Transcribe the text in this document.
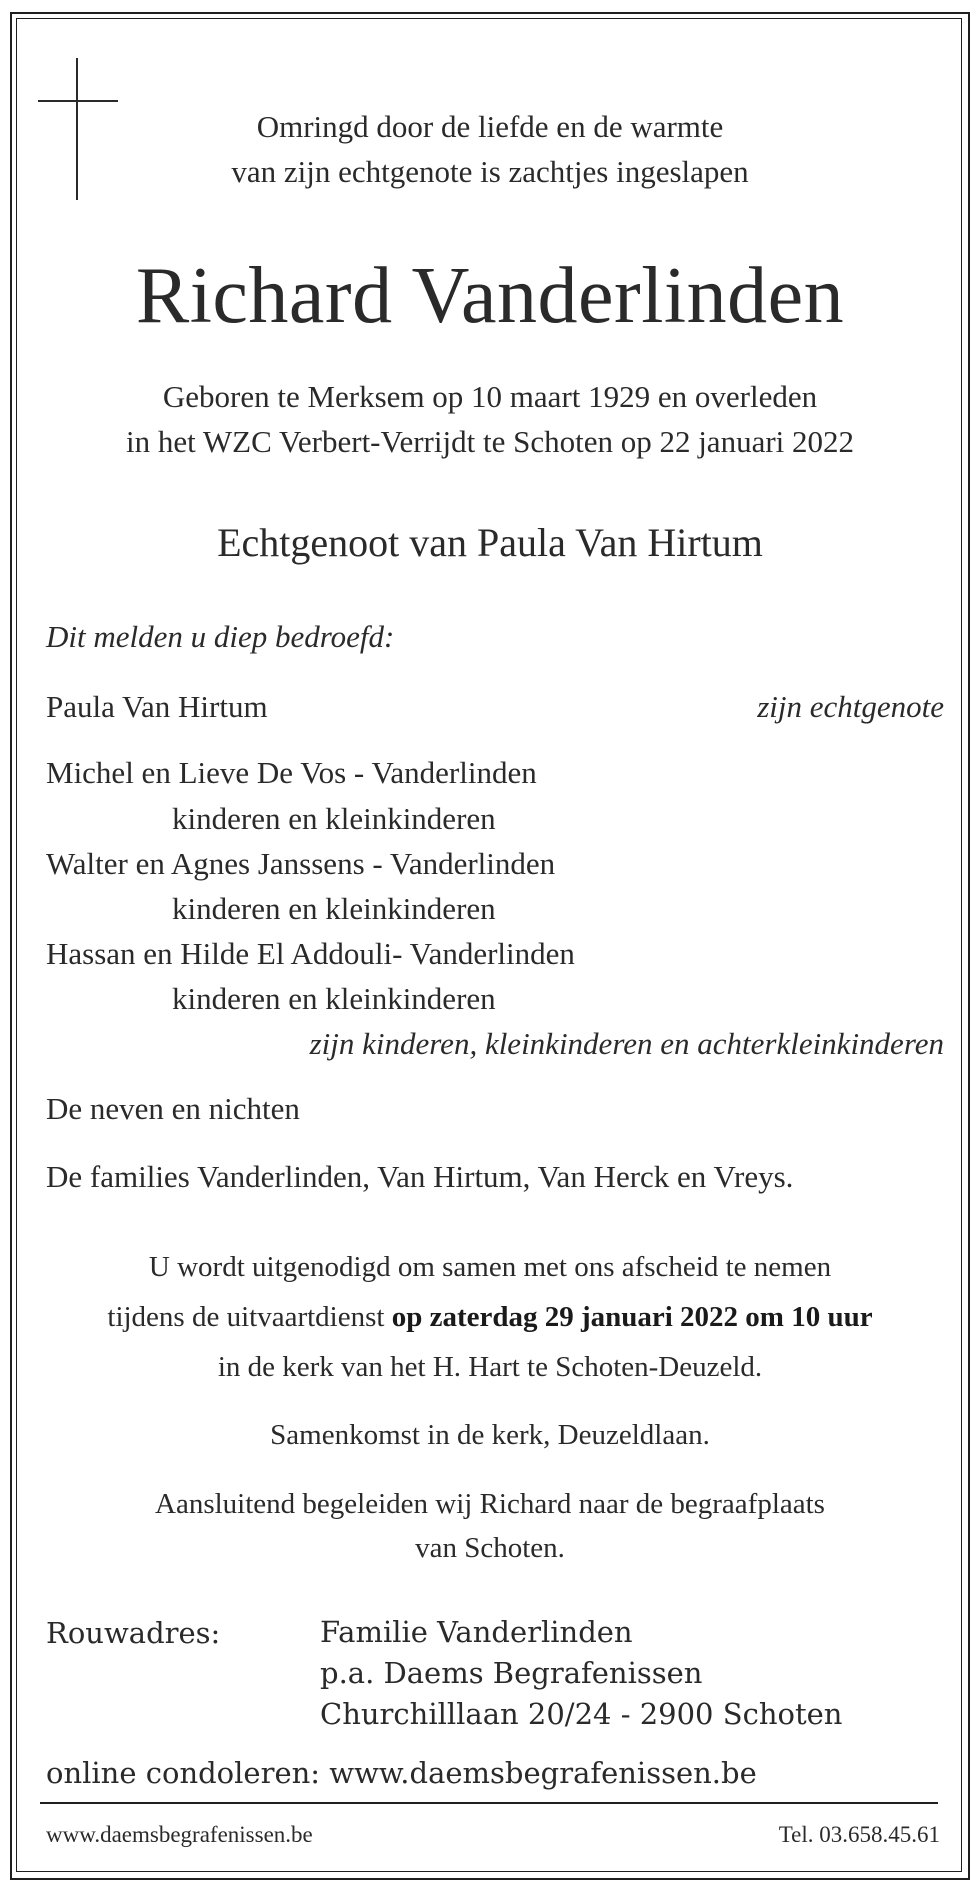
Omringd door de liefde en de warmte
van zijn echtgenote is zachtjes ingeslapen
Richard Vanderlinden
Geboren te Merksem op 10 maart 1929 en overleden
in het WZC Verbert-Verrijdt te Schoten op 22 januari 2022
Echtgenoot van Paula Van Hirtum
Dit melden u diep bedroefd:
Paula Van Hirtum	zijn echtgenote
Michel en Lieve De Vos - Vanderlinden
kinderen en kleinkinderen
Walter en Agnes Janssens - Vanderlinden
kinderen en kleinkinderen
Hassan en Hilde El Addouli- Vanderlinden
kinderen en kleinkinderen
zijn kinderen, kleinkinderen en achterkleinkinderen
De neven en nichten
De families Vanderlinden, Van Hirtum, Van Herck en Vreys.
U wordt uitgenodigd om samen met ons afscheid te nemen
tijdens de uitvaartdienst op zaterdag 29 januari 2022 om 10 uur
in de kerk van het H. Hart te Schoten-Deuzeld.
Samenkomst in de kerk, Deuzeldlaan.
Aansluitend begeleiden wij Richard naar de begraafplaats
van Schoten.
Rouwadres:	Familie Vanderlinden
p.a. Daems Begrafenissen
Churchilllaan 20/24 - 2900 Schoten
online condoleren: www.daemsbegrafenissen.be
www.daemsbegrafenissen.be	Tel. 03.658.45.61
